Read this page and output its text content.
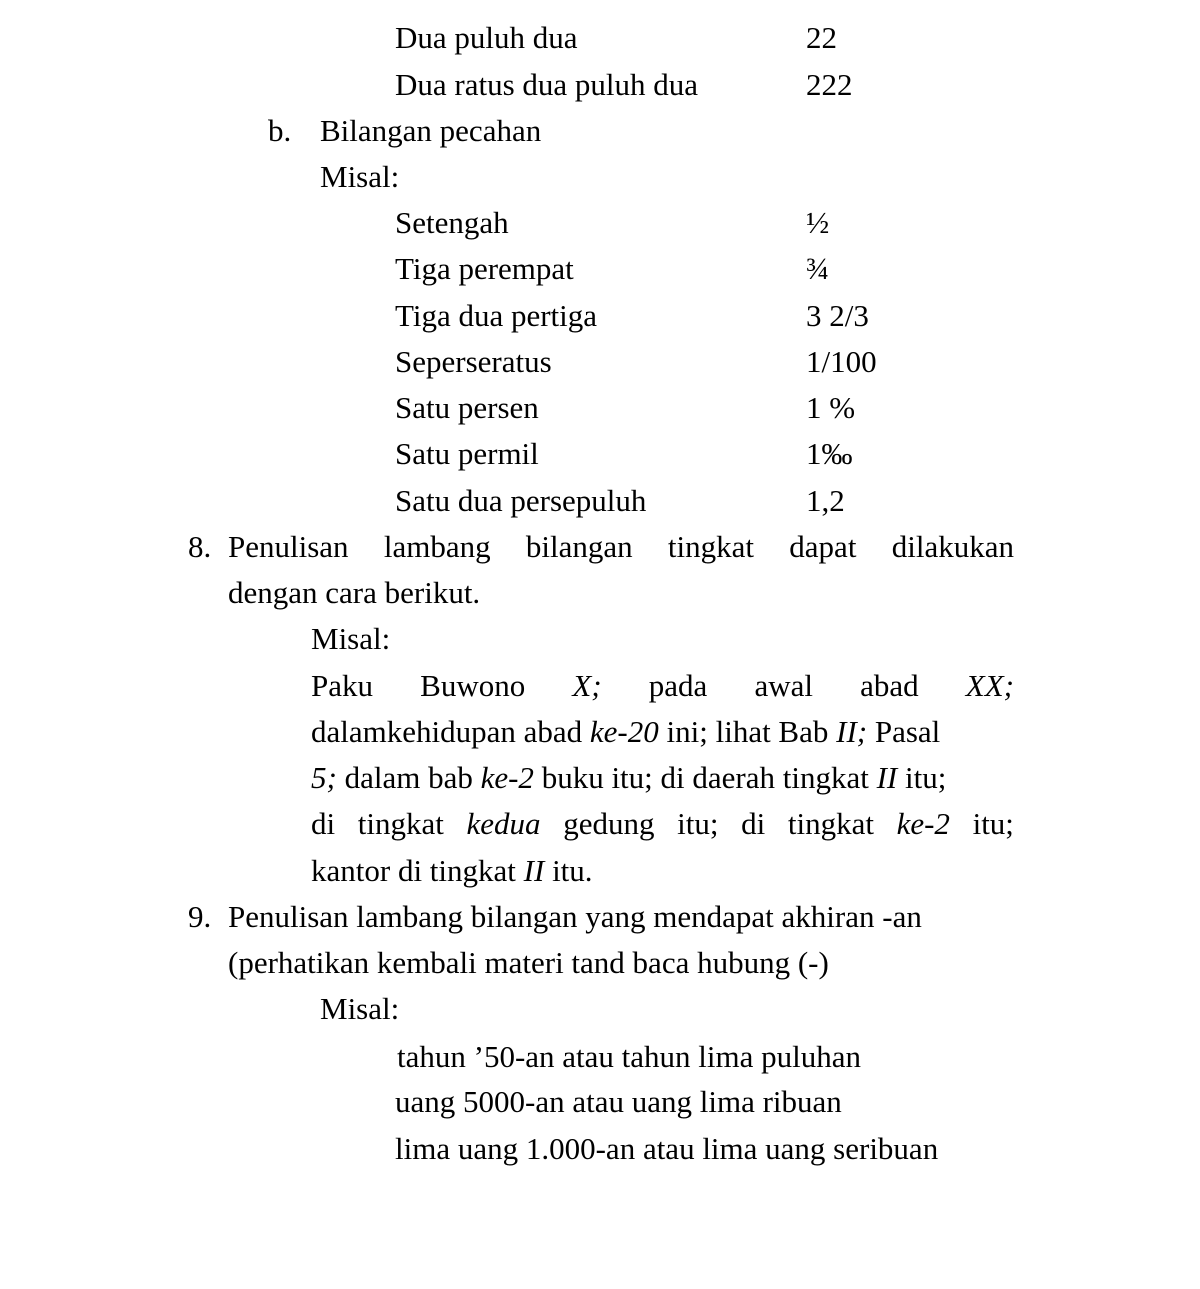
Dua puluh dua	22
Dua ratus dua puluh dua	222
b. Bilangan pecahan
Misal:
Setengah	½
Tiga perempat	¾
Tiga dua pertiga	3 2/3
Seperseratus	1/100
Satu persen	1 %
Satu permil	1‰
Satu dua persepuluh	1,2
8. Penulisan lambang bilangan tingkat dapat dilakukan
dengan cara berikut.
Misal:
Paku Buwono X; pada awal abad XX;
dalamkehidupan abad ke-20 ini; lihat Bab II; Pasal
5; dalam bab ke-2 buku itu; di daerah tingkat II itu;
di tingkat kedua gedung itu; di tingkat ke-2 itu;
kantor di tingkat II itu.
9. Penulisan lambang bilangan yang mendapat akhiran -an
(perhatikan kembali materi tand baca hubung (-)
Misal:
tahun ’50-an atau tahun lima puluhan
uang 5000-an atau uang lima ribuan
lima uang 1.000-an atau lima uang seribuan
